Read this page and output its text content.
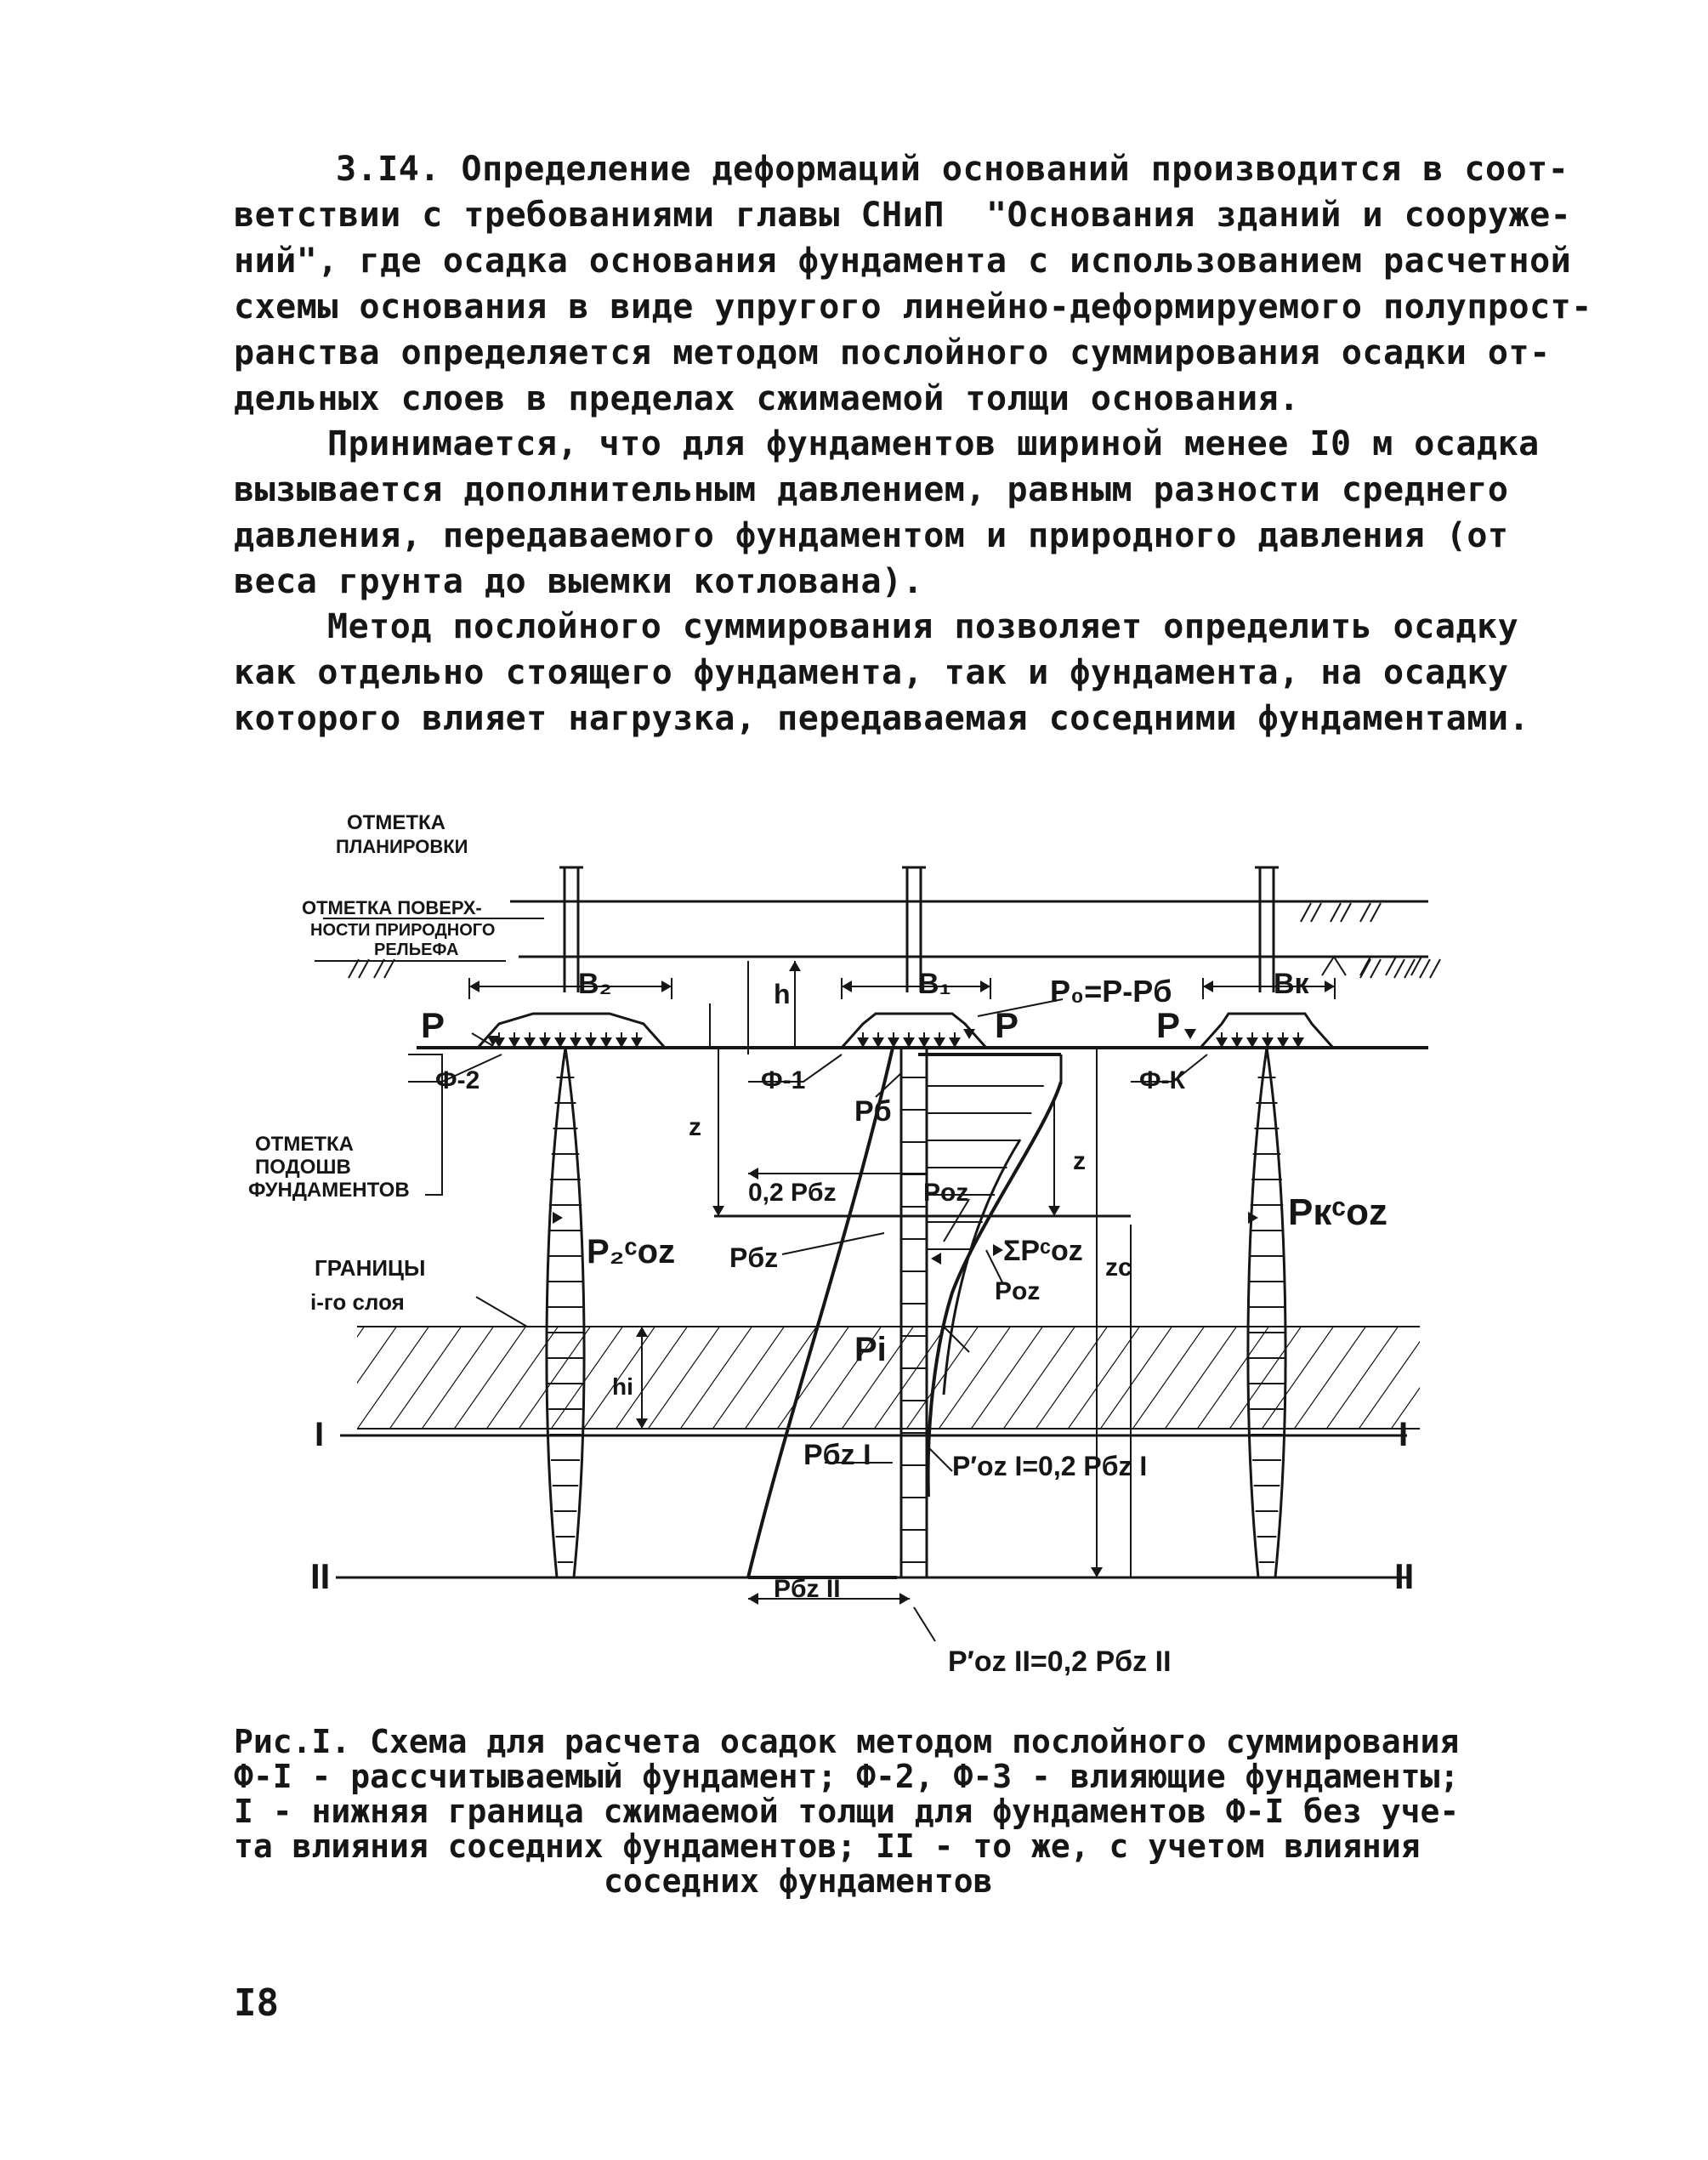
3.I4. Определение деформаций оснований производится в соот-
ветствии с требованиями главы СНиП  "Основания зданий и сооруже-
ний", где осадка основания фундамента с использованием расчетной
схемы основания в виде упругого линейно-деформируемого полупрост-
ранства определяется методом послойного суммирования осадки от-
дельных слоев в пределах сжимаемой толщи основания.
Принимается, что для фундаментов шириной менее I0 м осадка
вызывается дополнительным давлением, равным разности среднего
давления, передаваемого фундаментом и природного давления (от
веса грунта до выемки котлована).
Метод послойного суммирования позволяет определить осадку
как отдельно стоящего фундамента, так и фундамента, на осадку
которого влияет нагрузка, передаваемая соседними фундаментами.
B₂	B₁	Bк
ОТМЕТКА
ПЛАНИРОВКИ
ОТМЕТКА ПОВЕРХ-
НОСТИ ПРИРОДНОГО
РЕЛЬЕФА
ОТМЕТКА
ПОДОШВ
ФУНДАМЕНТОВ
ГРАНИЦЫ
i-го слоя
Ф-2	Ф-1	Ф-К
P	P	P
P₀=P-Pб
h
Pб
z
0,2 Pбz	Pоz
z
zс
P₂ᶜоz Pбz	ΣPᶜоz
Pоz
Pкᶜоz
Pi
hi
I	I
II	II
Pбz I	P′оz I=0,2 Pбz I
Pбz II
P′оz II=0,2 Pбz II
Рис.I. Схема для расчета осадок методом послойного суммирования
Ф-I - рассчитываемый фундамент; Ф-2, Ф-3 - влияющие фундаменты;
I - нижняя граница сжимаемой толщи для фундаментов Ф-I без уче-
та влияния соседних фундаментов; II - то же, с учетом влияния
соседних фундаментов
I8
